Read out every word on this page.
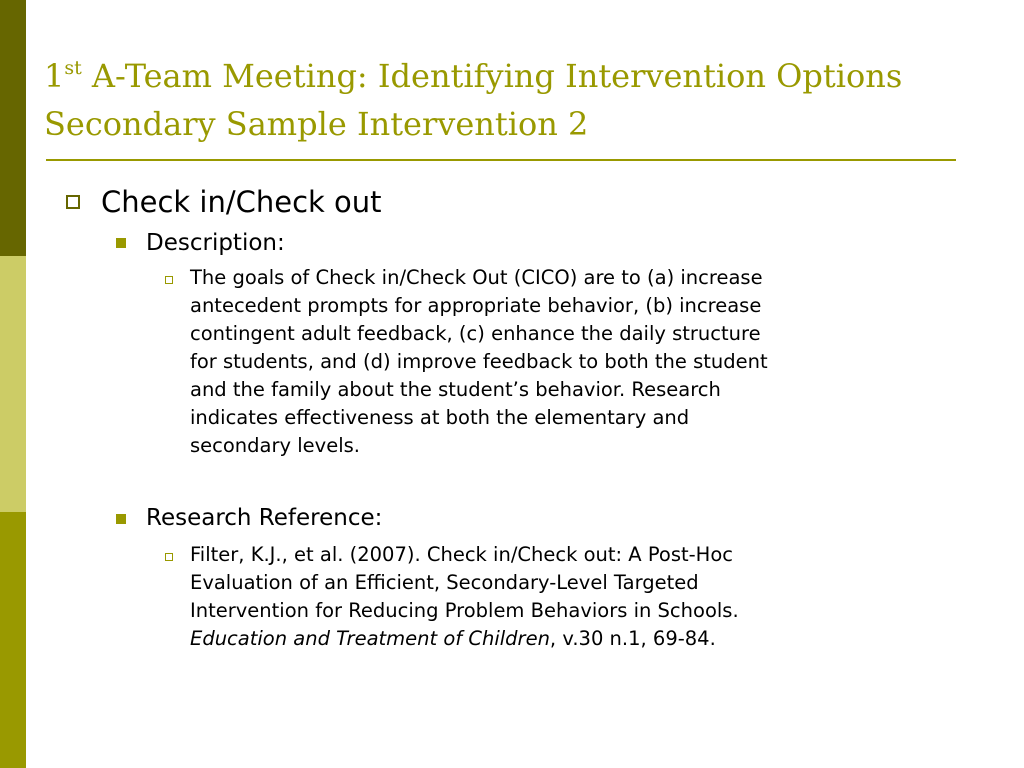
1st A-Team Meeting: Identifying Intervention Options
Secondary Sample Intervention 2
Check in/Check out
Description:
The goals of Check in/Check Out (CICO) are to (a) increase
antecedent prompts for appropriate behavior, (b) increase
contingent adult feedback, (c) enhance the daily structure
for students, and (d) improve feedback to both the student
and the family about the student’s behavior. Research
indicates effectiveness at both the elementary and
secondary levels.
Research Reference:
Filter, K.J., et al. (2007). Check in/Check out: A Post-Hoc
Evaluation of an Efficient, Secondary-Level Targeted
Intervention for Reducing Problem Behaviors in Schools.
Education and Treatment of Children, v.30 n.1, 69-84.
